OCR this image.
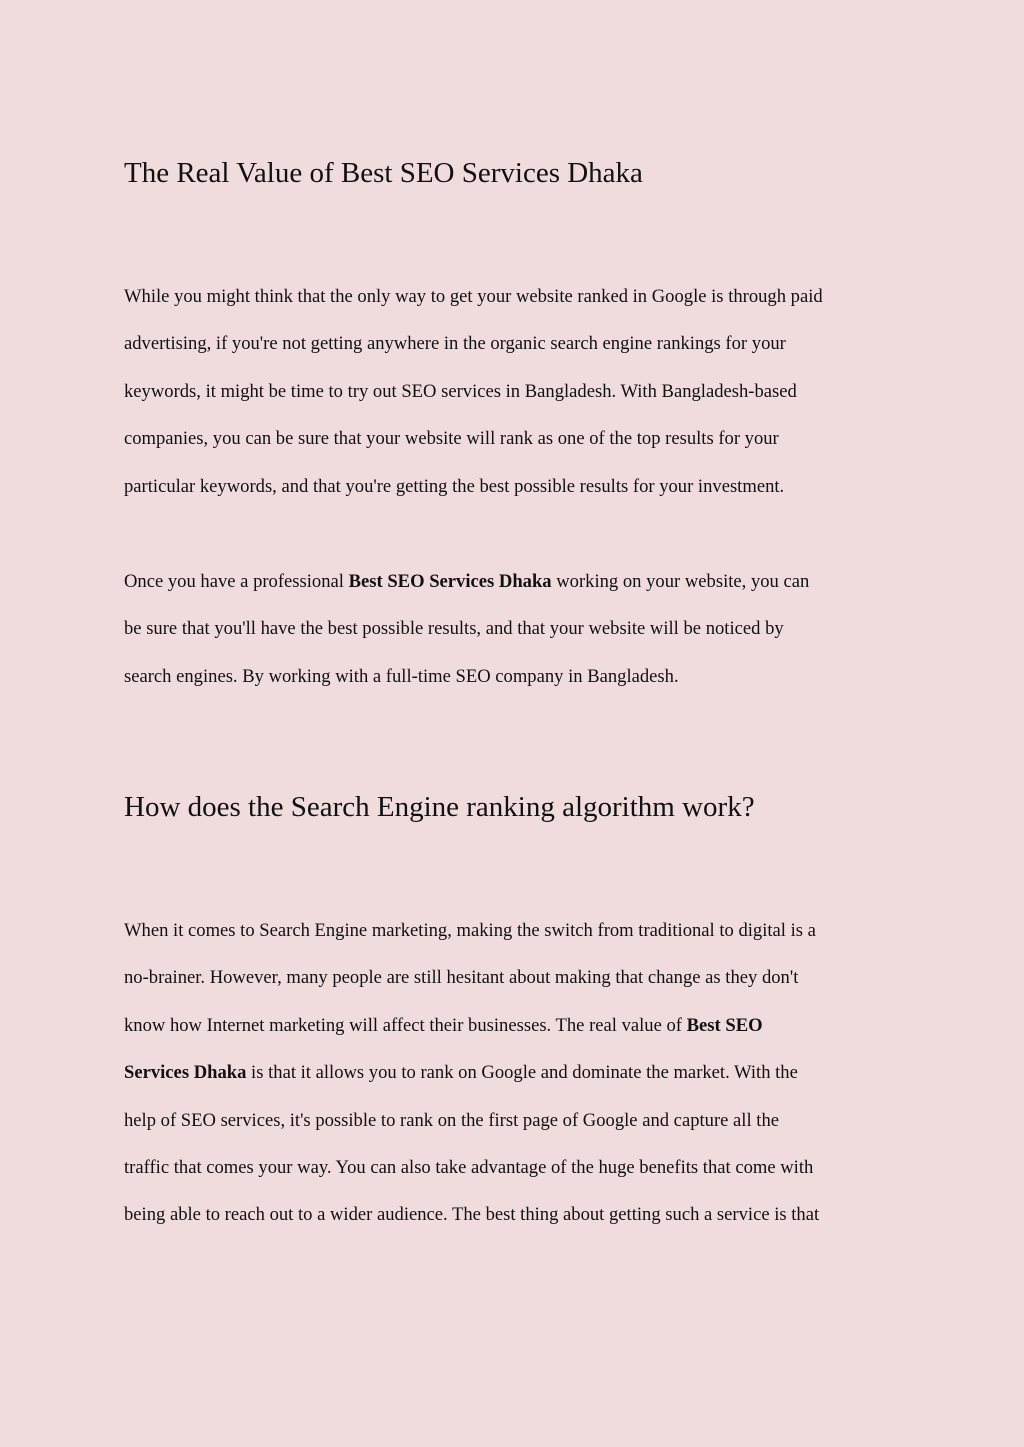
The Real Value of Best SEO Services Dhaka

While you might think that the only way to get your website ranked in Google is through paid
advertising, if you're not getting anywhere in the organic search engine rankings for your
keywords, it might be time to try out SEO services in Bangladesh. With Bangladesh-based
companies, you can be sure that your website will rank as one of the top results for your
particular keywords, and that you're getting the best possible results for your investment.

Once you have a professional Best SEO Services Dhaka working on your website, you can
be sure that you'll have the best possible results, and that your website will be noticed by
search engines. By working with a full-time SEO company in Bangladesh.

How does the Search Engine ranking algorithm work?

When it comes to Search Engine marketing, making the switch from traditional to digital is a
no-brainer. However, many people are still hesitant about making that change as they don't
know how Internet marketing will affect their businesses. The real value of Best SEO
Services Dhaka is that it allows you to rank on Google and dominate the market. With the
help of SEO services, it's possible to rank on the first page of Google and capture all the
traffic that comes your way. You can also take advantage of the huge benefits that come with
being able to reach out to a wider audience. The best thing about getting such a service is that
